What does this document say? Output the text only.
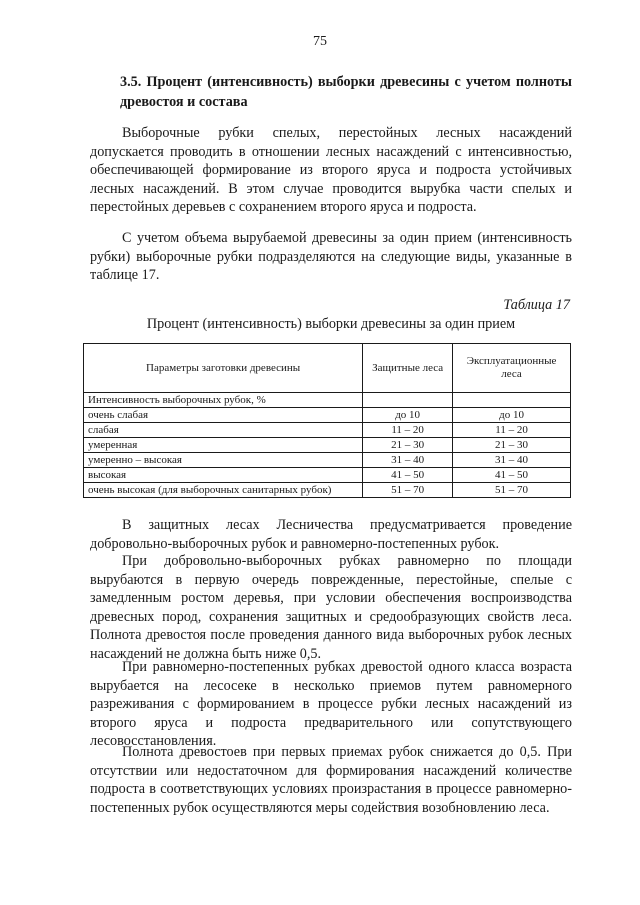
75
3.5. Процент (интенсивность) выборки древесины с учетом полноты древостоя и состава

Выборочные рубки спелых, перестойных лесных насаждений допускается проводить в отношении лесных насаждений с интенсивностью, обеспечивающей формирование из второго яруса и подроста устойчивых лесных насаждений. В этом случае проводится вырубка части спелых и перестойных деревьев с сохранением второго яруса и подроста.

С учетом объема вырубаемой древесины за один прием (интенсивность рубки) выборочные рубки подразделяются на следующие виды, указанные в таблице 17.

Таблица 17
Процент (интенсивность) выборки древесины за один прием
Параметры заготовки древесины	Защитные леса	Эксплуатационные леса
Интенсивность выборочных рубок, %		
очень слабая	до 10	до 10
слабая	11 – 20	11 – 20
умеренная	21 – 30	21 – 30
умеренно – высокая	31 – 40	31 – 40
высокая	41 – 50	41 – 50
очень высокая (для выборочных санитарных рубок)	51 – 70	51 – 70

В защитных лесах Лесничества предусматривается проведение добровольно-выборочных рубок и равномерно-постепенных рубок.

При добровольно-выборочных рубках равномерно по площади вырубаются в первую очередь поврежденные, перестойные, спелые с замедленным ростом деревья, при условии обеспечения воспроизводства древесных пород, сохранения защитных и средообразующих свойств леса. Полнота древостоя после проведения данного вида выборочных рубок лесных насаждений не должна быть ниже 0,5.

При равномерно-постепенных рубках древостой одного класса возраста вырубается на лесосеке в несколько приемов путем равномерного разреживания с формированием в процессе рубки лесных насаждений из второго яруса и подроста предварительного или сопутствующего лесовосстановления.

Полнота древостоев при первых приемах рубок снижается до 0,5. При отсутствии или недостаточном для формирования насаждений количестве подроста в соответствующих условиях произрастания в процессе равномерно-постепенных рубок осуществляются меры содействия возобновлению леса.
